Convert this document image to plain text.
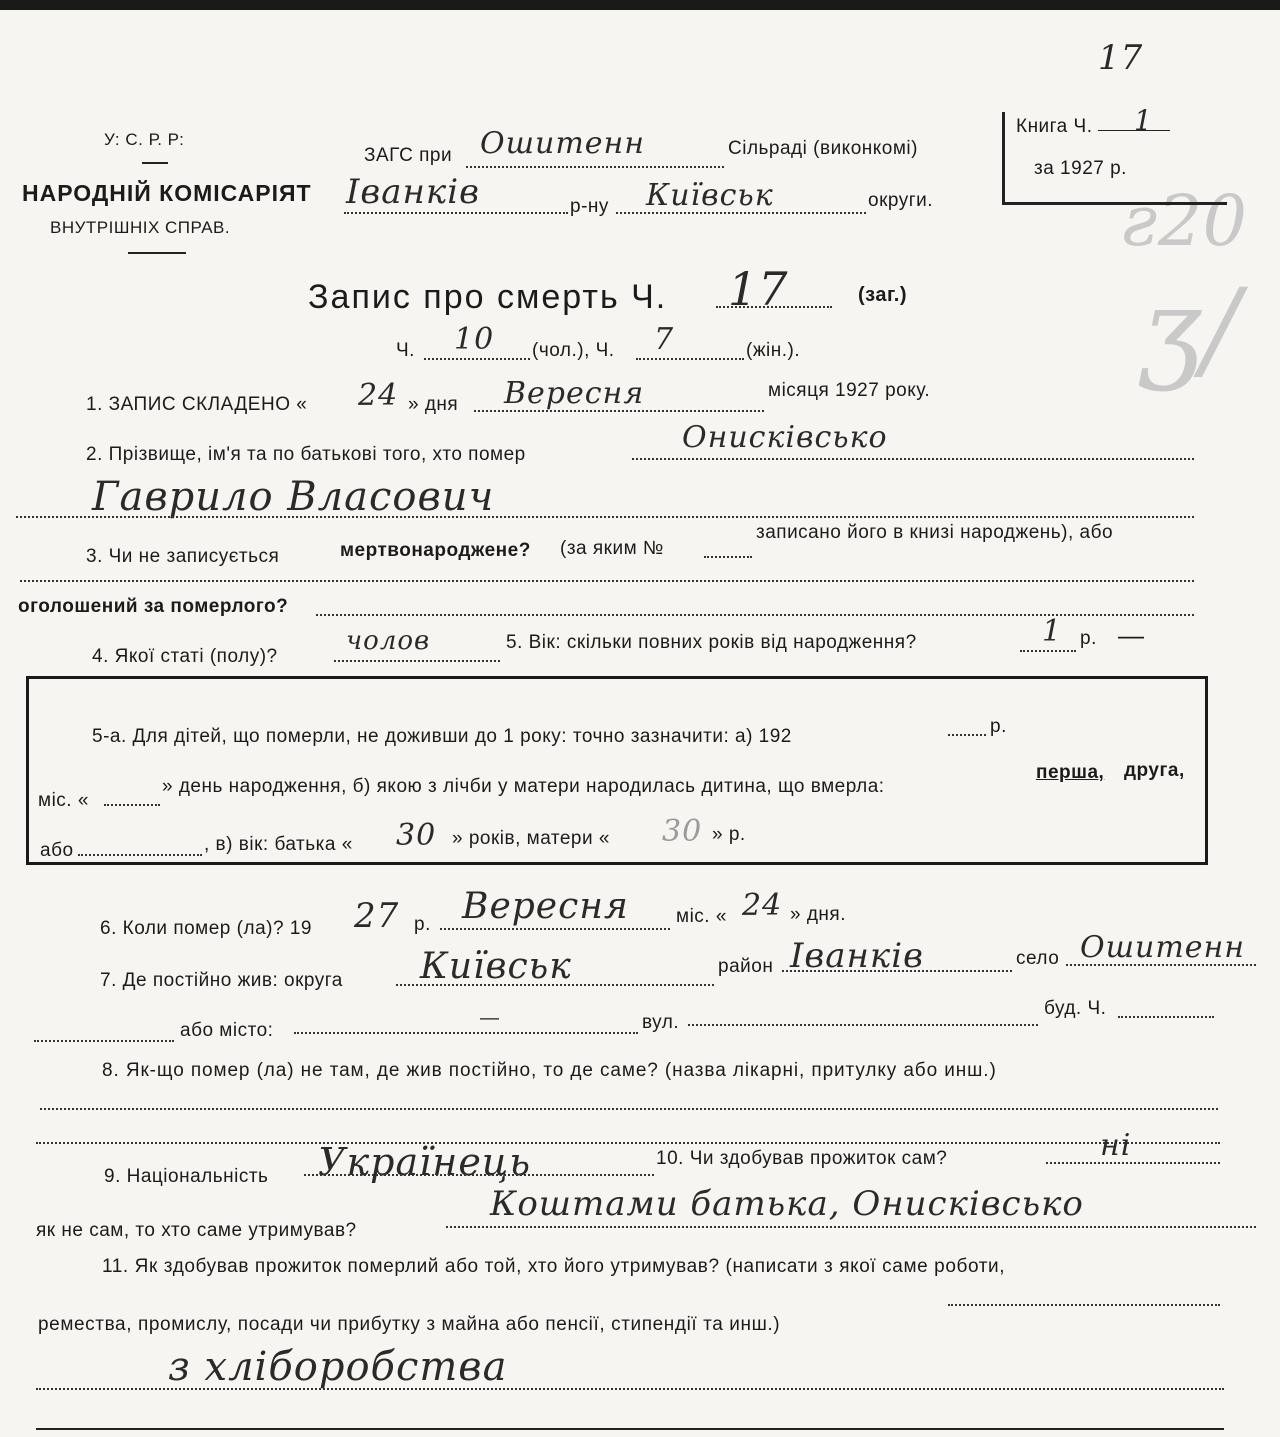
17
ƨ20
ʒ/
У: С. Р. Р:
НАРОДНІЙ КОМІСАРІЯТ
ВНУТРІШНІХ СПРАВ.
Книга Ч. 1
за 1927 р.
ЗАГС при Ошитенн	Сільраді (виконкомі)
Іванків	р-ну Київськ	округи.
Запис про смерть Ч. 17	(заг.)
Ч. 10 (чол.), Ч. 7	(жін.).
1. ЗАПИС СКЛАДЕНО « 24 » дня Вересня	місяця 1927 року.
2. Прізвище, ім'я та по батькові того, хто помер	Онисківсько
Гаврило Власович
3. Чи не записується	мертвонароджене? (за яким №
записано його в книзі народжень), або
оголошений за померлого?
4. Якої статі (полу)?
чолов	5. Вік: скільки повних років від народження?	1 р. —
5-а. Для дітей, що померли, не доживши до 1 року: точно зазначити: а) 192	р.
міс. «
» день народження, б) якою з лічби у матери народилась дитина, що вмерла:
перша, друга,
або	, в) вік: батька « 30 » років, матери « 30 » р.
6. Коли помер (ла)? 19 27 р. Вересня міс. « 24 » дня.
7. Де постійно жив: округа Київськ	район Іванків	село Ошитенн
або місто:
—	вул.
буд. Ч.
8. Як-що помер (ла) не там, де жив постійно, то де саме? (назва лікарні, притулку або инш.)
9. Національність Українець	10. Чи здобував прожиток сам?	ні
як не сам, то хто саме утримував?
Коштами батька, Онисківсько
11. Як здобував прожиток померлий або той, хто його утримував? (написати з якої саме роботи,
ремества, промислу, посади чи прибутку з майна або пенсії, стипендії та инш.)
з хліборобства
